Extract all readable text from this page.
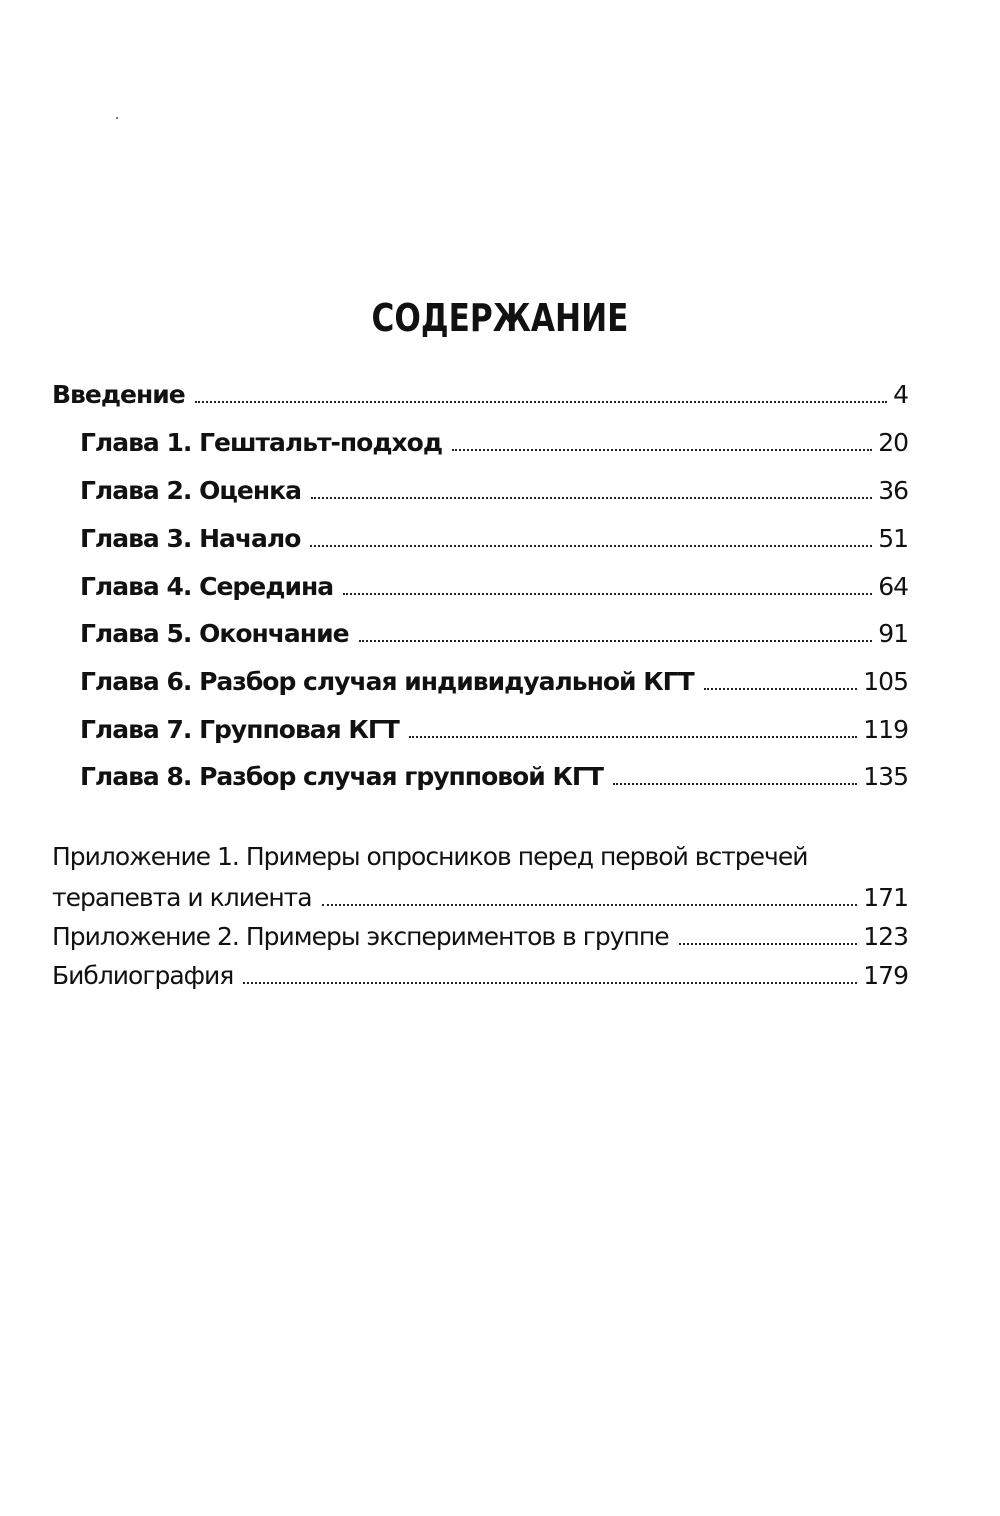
СОДЕРЖАНИЕ
Введение	4
Глава 1. Гештальт-подход	20
Глава 2. Оценка	36
Глава 3. Начало	51
Глава 4. Середина	64
Глава 5. Окончание	91
Глава 6. Разбор случая индивидуальной КГТ	105
Глава 7. Групповая КГТ	119
Глава 8. Разбор случая групповой КГТ	135
Приложение 1. Примеры опросников перед первой встречей
терапевта и клиента	171
Приложение 2. Примеры экспериментов в группе	123
Библиография	179
